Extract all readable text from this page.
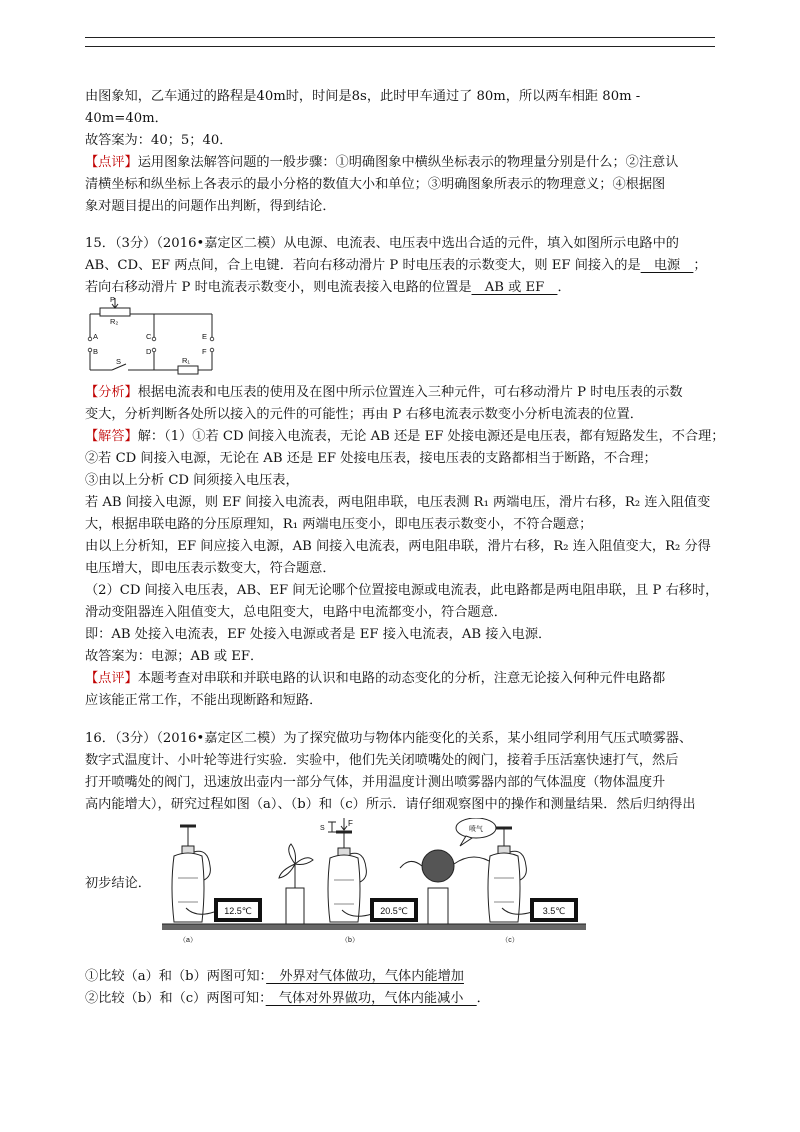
由图象知，乙车通过的路程是40m时，时间是8s，此时甲车通过了 80m，所以两车相距 80m -
40m=40m．
故答案为：40；5；40．
【点评】运用图象法解答问题的一般步骤：①明确图象中横纵坐标表示的物理量分别是什么；②注意认
清横坐标和纵坐标上各表示的最小分格的数值大小和单位；③明确图象所表示的物理意义；④根据图
象对题目提出的问题作出判断，得到结论．
15．（3分）（2016•嘉定区二模）从电源、电流表、电压表中选出合适的元件，填入如图所示电路中的
AB、CD、EF 两点间，合上电键．若向右移动滑片 P 时电压表的示数变大，则 EF 间接入的是　电源　；
若向右移动滑片 P 时电流表示数变小，则电流表接入电路的位置是　AB 或 EF　．
P
R₂
A
B
C
D
E
F
S	R₁
【分析】根据电流表和电压表的使用及在图中所示位置连入三种元件，可右移动滑片 P 时电压表的示数
变大，分析判断各处所以接入的元件的可能性；再由 P 右移电流表示数变小分析电流表的位置．
【解答】解：（1）①若 CD 间接入电流表，无论 AB 还是 EF 处接电源还是电压表，都有短路发生，不合理；
②若 CD 间接入电源，无论在 AB 还是 EF 处接电压表，接电压表的支路都相当于断路，不合理；
③由以上分析 CD 间须接入电压表，
若 AB 间接入电源，则 EF 间接入电流表，两电阻串联，电压表测 R₁ 两端电压，滑片右移，R₂ 连入阻值变
大，根据串联电路的分压原理知，R₁ 两端电压变小，即电压表示数变小，不符合题意；
由以上分析知，EF 间应接入电源，AB 间接入电流表，两电阻串联，滑片右移，R₂ 连入阻值变大，R₂ 分得
电压增大，即电压表示数变大，符合题意．
（2）CD 间接入电压表，AB、EF 间无论哪个位置接电源或电流表，此电路都是两电阻串联，且 P 右移时，
滑动变阻器连入阻值变大，总电阻变大，电路中电流都变小，符合题意．
即：AB 处接入电流表，EF 处接入电源或者是 EF 接入电流表，AB 接入电源．
故答案为：电源；AB 或 EF．
【点评】本题考查对串联和并联电路的认识和电路的动态变化的分析，注意无论接入何种元件电路都
应该能正常工作，不能出现断路和短路．
16．（3分）（2016•嘉定区二模）为了探究做功与物体内能变化的关系，某小组同学利用气压式喷雾器、
数字式温度计、小叶轮等进行实验．实验中，他们先关闭喷嘴处的阀门，接着手压活塞快速打气，然后
打开喷嘴处的阀门，迅速放出壶内一部分气体，并用温度计测出喷雾器内部的气体温度（物体温度升
高内能增大），研究过程如图（a）、（b）和（c）所示．请仔细观察图中的操作和测量结果．然后归纳得出
初步结论．
12.5℃
F
S
20.5℃
喷气
3.5℃
（a）	（b）	（c）
①比较（a）和（b）两图可知：　外界对气体做功，气体内能增加
②比较（b）和（c）两图可知：　气体对外界做功，气体内能减小　．
